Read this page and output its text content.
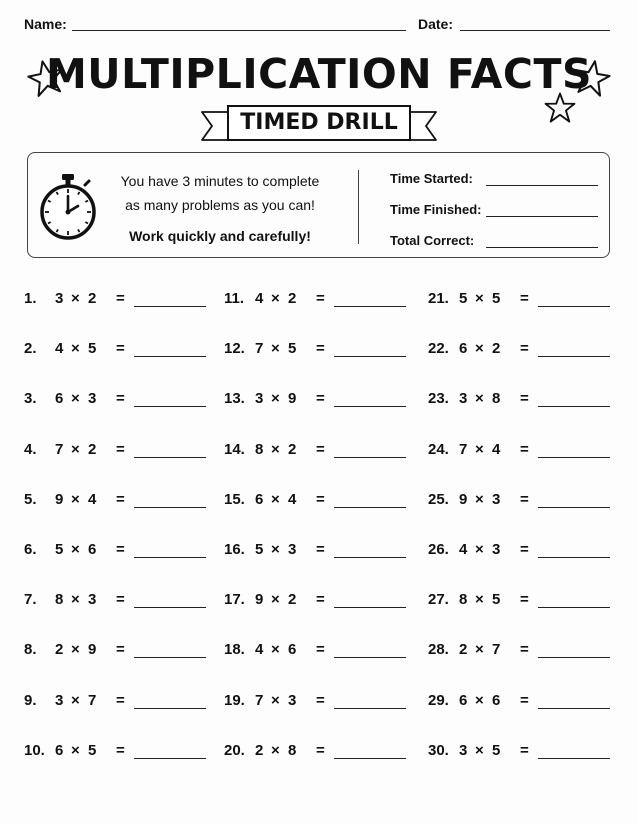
Name:	Date:
MULTIPLICATION FACTS
TIMED DRILL
You have 3 minutes to complete
as many problems as you can!
Work quickly and carefully!
Time Started:
Time Finished:
Total Correct:
1. 3 × 2 =
2. 4 × 5 =
3. 6 × 3 =
4. 7 × 2 =
5. 9 × 4 =
6. 5 × 6 =
7. 8 × 3 =
8. 2 × 9 =
9. 3 × 7 =
10. 6 × 5 =
11. 4 × 2 =
12. 7 × 5 =
13. 3 × 9 =
14. 8 × 2 =
15. 6 × 4 =
16. 5 × 3 =
17. 9 × 2 =
18. 4 × 6 =
19. 7 × 3 =
20. 2 × 8 =
21. 5 × 5 =
22. 6 × 2 =
23. 3 × 8 =
24. 7 × 4 =
25. 9 × 3 =
26. 4 × 3 =
27. 8 × 5 =
28. 2 × 7 =
29. 6 × 6 =
30. 3 × 5 =
